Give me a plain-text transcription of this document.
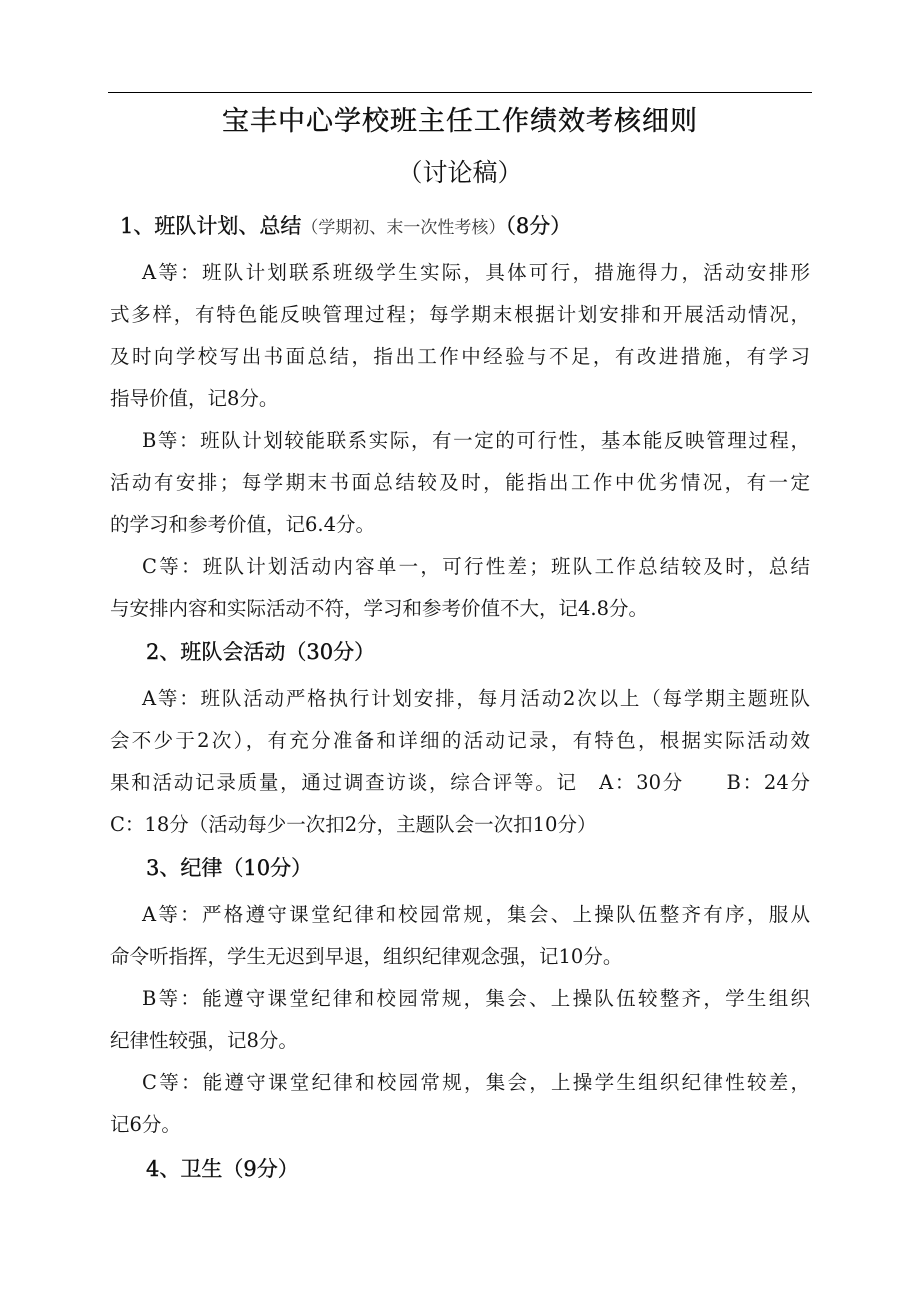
宝丰中心学校班主任工作绩效考核细则
（讨论稿）
1、班队计划、总结（学期初、末一次性考核）（8分）
A等：班队计划联系班级学生实际，具体可行，措施得力，活动安排形
式多样，有特色能反映管理过程；每学期末根据计划安排和开展活动情况，
及时向学校写出书面总结，指出工作中经验与不足，有改进措施，有学习
指导价值，记8分。
B等：班队计划较能联系实际，有一定的可行性，基本能反映管理过程，
活动有安排；每学期末书面总结较及时，能指出工作中优劣情况，有一定
的学习和参考价值，记6.4分。
C等：班队计划活动内容单一，可行性差；班队工作总结较及时，总结
与安排内容和实际活动不符，学习和参考价值不大，记4.8分。
2、班队会活动（30分）
A等：班队活动严格执行计划安排，每月活动2次以上（每学期主题班队
会不少于2次），有充分准备和详细的活动记录，有特色，根据实际活动效
果和活动记录质量，通过调查访谈，综合评等。记　A：30分　　B：24分
C：18分（活动每少一次扣2分，主题队会一次扣10分）
3、纪律（10分）
A等：严格遵守课堂纪律和校园常规，集会、上操队伍整齐有序，服从
命令听指挥，学生无迟到早退，组织纪律观念强，记10分。
B等：能遵守课堂纪律和校园常规，集会、上操队伍较整齐，学生组织
纪律性较强，记8分。
C等：能遵守课堂纪律和校园常规，集会，上操学生组织纪律性较差，
记6分。
4、卫生（9分）
